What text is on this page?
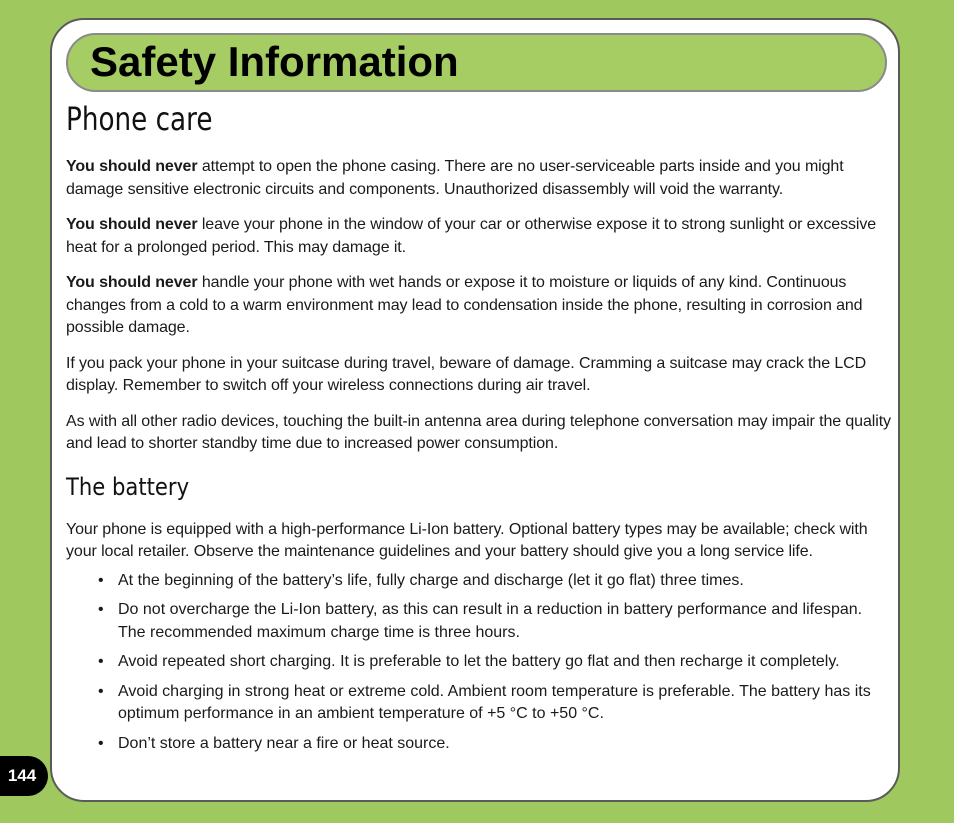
Safety Information
Phone care

You should never attempt to open the phone casing. There are no user-serviceable parts inside and you might damage sensitive electronic circuits and components. Unauthorized disassembly will void the warranty.

You should never leave your phone in the window of your car or otherwise expose it to strong sunlight or excessive heat for a prolonged period. This may damage it.

You should never handle your phone with wet hands or expose it to moisture or liquids of any kind. Continuous changes from a cold to a warm environment may lead to condensation inside the phone, resulting in corrosion and possible damage.

If you pack your phone in your suitcase during travel, beware of damage. Cramming a suitcase may crack the LCD display. Remember to switch off your wireless connections during air travel.

As with all other radio devices, touching the built-in antenna area during telephone conversation may impair the quality and lead to shorter standby time due to increased power consumption.

The battery

Your phone is equipped with a high-performance Li-Ion battery. Optional battery types may be available; check with your local retailer. Observe the maintenance guidelines and your battery should give you a long service life.

• At the beginning of the battery’s life, fully charge and discharge (let it go flat) three times.
• Do not overcharge the Li-Ion battery, as this can result in a reduction in battery performance and lifespan. The recommended maximum charge time is three hours.
• Avoid repeated short charging. It is preferable to let the battery go flat and then recharge it completely.
• Avoid charging in strong heat or extreme cold. Ambient room temperature is preferable. The battery has its optimum performance in an ambient temperature of +5 °C to +50 °C.
• Don’t store a battery near a fire or heat source.
144
